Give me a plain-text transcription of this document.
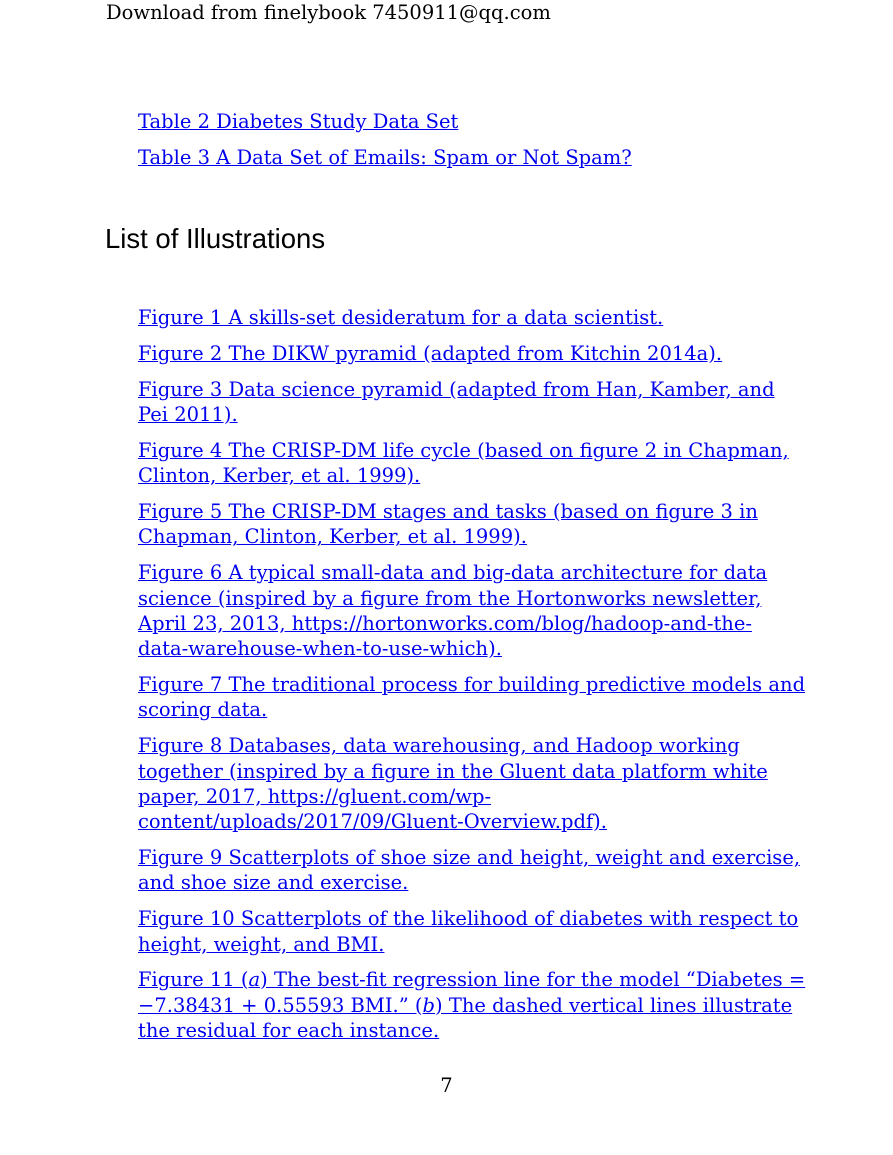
Download from finelybook 7450911@qq.com
Table 2 Diabetes Study Data Set
Table 3 A Data Set of Emails: Spam or Not Spam?
List of Illustrations
Figure 1 A skills-set desideratum for a data scientist.
Figure 2 The DIKW pyramid (adapted from Kitchin 2014a).
Figure 3 Data science pyramid (adapted from Han, Kamber, and
Pei 2011).
Figure 4 The CRISP-DM life cycle (based on figure 2 in Chapman,
Clinton, Kerber, et al. 1999).
Figure 5 The CRISP-DM stages and tasks (based on figure 3 in
Chapman, Clinton, Kerber, et al. 1999).
Figure 6 A typical small-data and big-data architecture for data
science (inspired by a figure from the Hortonworks newsletter,
April 23, 2013, https://hortonworks.com/blog/hadoop-and-the-
data-warehouse-when-to-use-which).
Figure 7 The traditional process for building predictive models and
scoring data.
Figure 8 Databases, data warehousing, and Hadoop working
together (inspired by a figure in the Gluent data platform white
paper, 2017, https://gluent.com/wp-
content/uploads/2017/09/Gluent-Overview.pdf).
Figure 9 Scatterplots of shoe size and height, weight and exercise,
and shoe size and exercise.
Figure 10 Scatterplots of the likelihood of diabetes with respect to
height, weight, and BMI.
Figure 11 (a) The best-fit regression line for the model “Diabetes =
−7.38431 + 0.55593 BMI.” (b) The dashed vertical lines illustrate
the residual for each instance.
7
